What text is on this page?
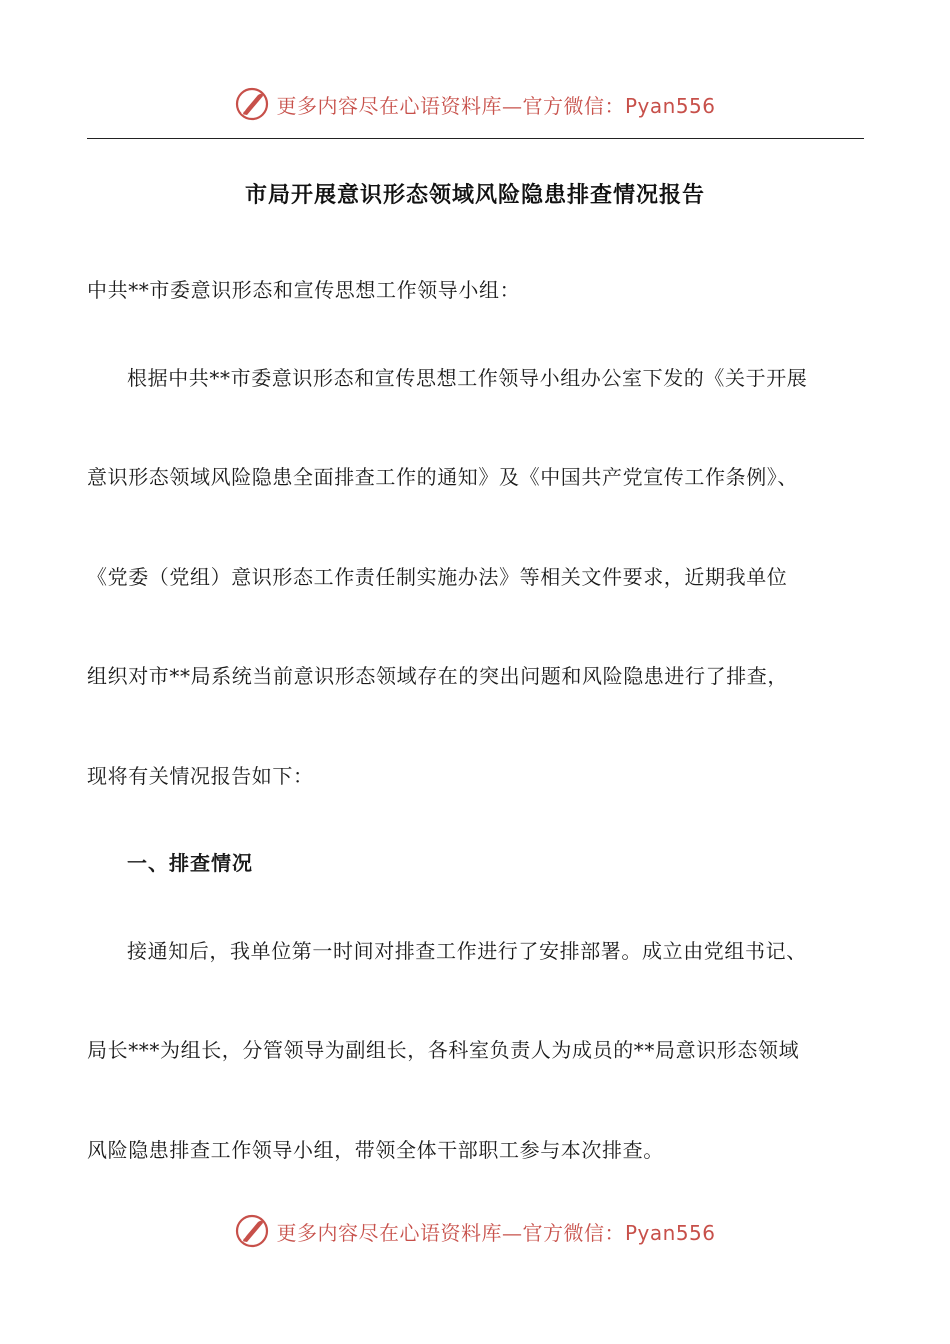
更多内容尽在心语资料库—官方微信：Pyan556
市局开展意识形态领域风险隐患排查情况报告
中共**市委意识形态和宣传思想工作领导小组：
根据中共**市委意识形态和宣传思想工作领导小组办公室下发的《关于开展
意识形态领域风险隐患全面排查工作的通知》及《中国共产党宣传工作条例》、
《党委（党组）意识形态工作责任制实施办法》等相关文件要求，近期我单位
组织对市**局系统当前意识形态领域存在的突出问题和风险隐患进行了排查，
现将有关情况报告如下：
一、排查情况
接通知后，我单位第一时间对排查工作进行了安排部署。成立由党组书记、
局长***为组长，分管领导为副组长，各科室负责人为成员的**局意识形态领域
风险隐患排查工作领导小组，带领全体干部职工参与本次排查。
更多内容尽在心语资料库—官方微信：Pyan556
